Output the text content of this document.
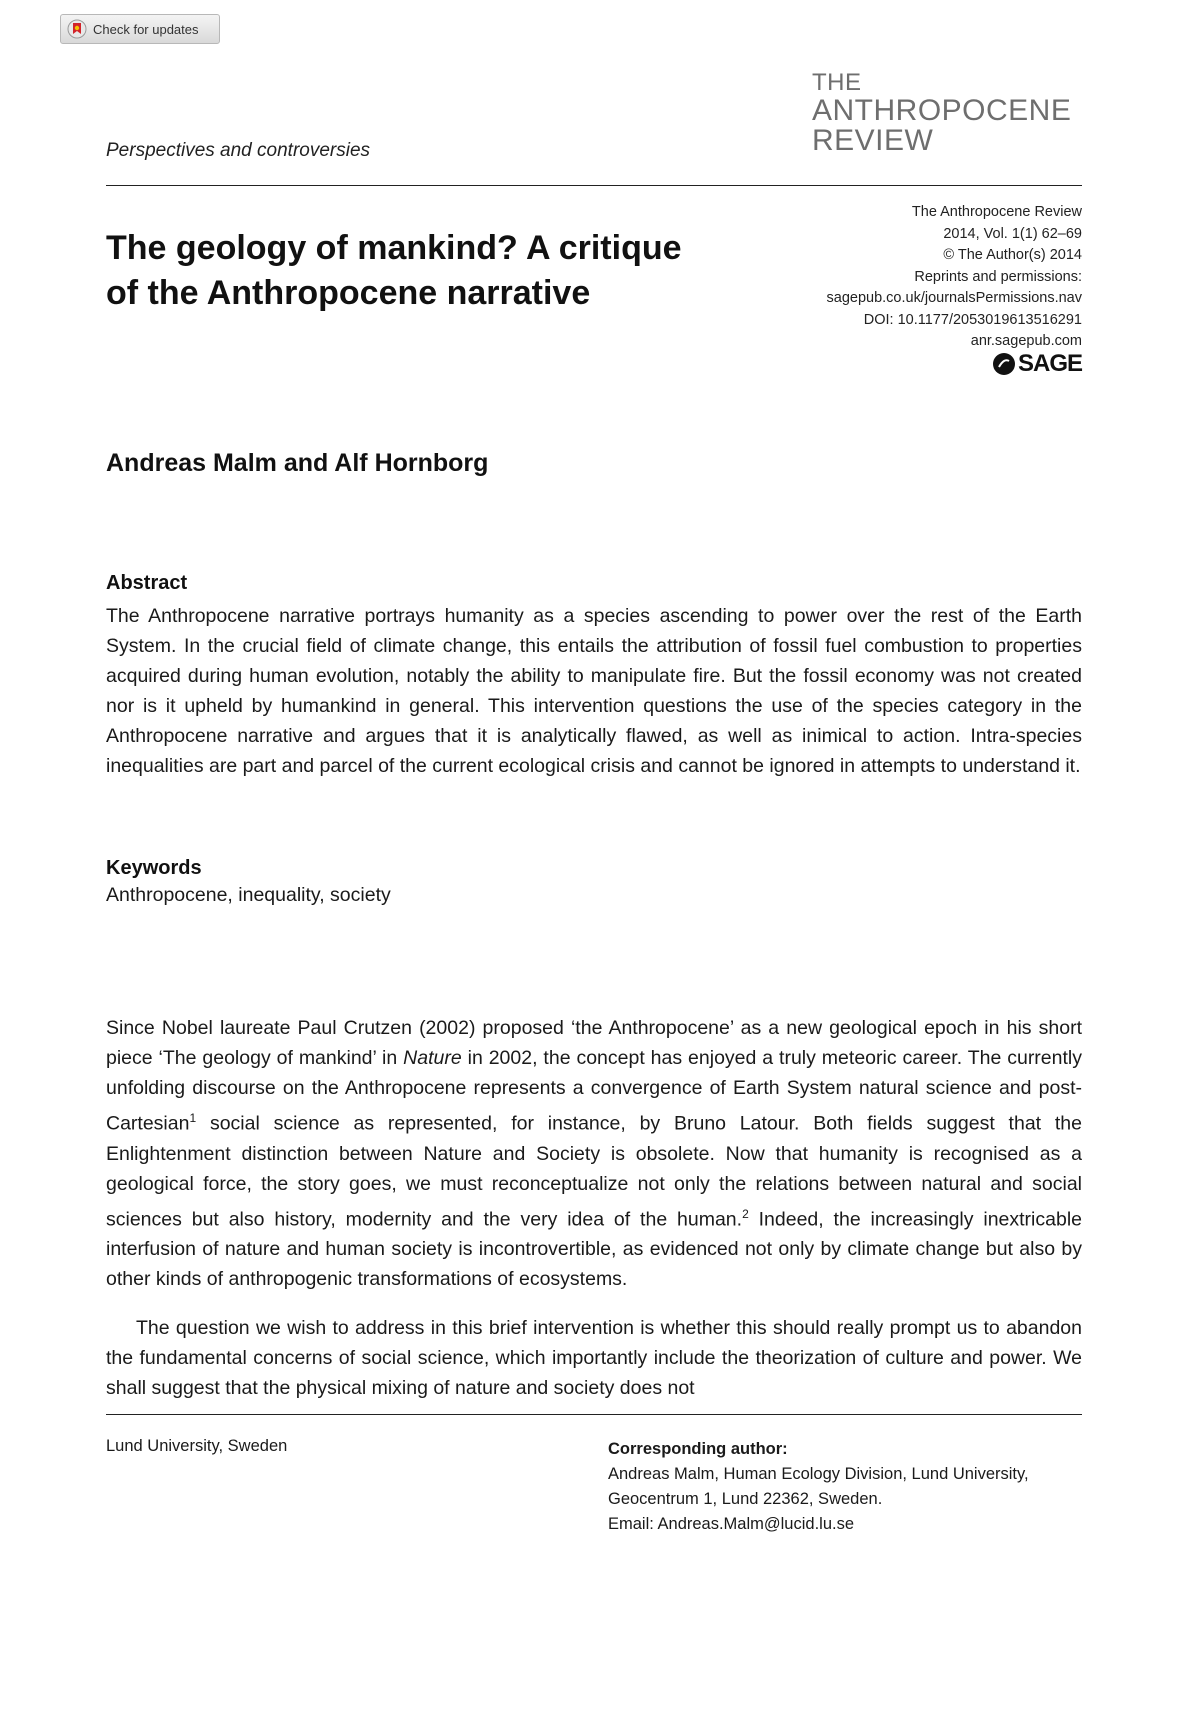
Check for updates
THE
ANTHROPOCENE
REVIEW
Perspectives and controversies
The geology of mankind? A critique of the Anthropocene narrative
The Anthropocene Review
2014, Vol. 1(1) 62–69
© The Author(s) 2014
Reprints and permissions:
sagepub.co.uk/journalsPermissions.nav
DOI: 10.1177/2053019613516291
anr.sagepub.com
SAGE
Andreas Malm and Alf Hornborg
Abstract
The Anthropocene narrative portrays humanity as a species ascending to power over the rest of the Earth System. In the crucial field of climate change, this entails the attribution of fossil fuel combustion to properties acquired during human evolution, notably the ability to manipulate fire. But the fossil economy was not created nor is it upheld by humankind in general. This intervention questions the use of the species category in the Anthropocene narrative and argues that it is analytically flawed, as well as inimical to action. Intra-species inequalities are part and parcel of the current ecological crisis and cannot be ignored in attempts to understand it.
Keywords
Anthropocene, inequality, society
Since Nobel laureate Paul Crutzen (2002) proposed ‘the Anthropocene’ as a new geological epoch in his short piece ‘The geology of mankind’ in Nature in 2002, the concept has enjoyed a truly meteoric career. The currently unfolding discourse on the Anthropocene represents a convergence of Earth System natural science and post-Cartesian$^1$ social science as represented, for instance, by Bruno Latour. Both fields suggest that the Enlightenment distinction between Nature and Society is obsolete. Now that humanity is recognised as a geological force, the story goes, we must reconceptualize not only the relations between natural and social sciences but also history, modernity and the very idea of the human.$^2$ Indeed, the increasingly inextricable interfusion of nature and human society is incontrovertible, as evidenced not only by climate change but also by other kinds of anthropogenic transformations of ecosystems.
The question we wish to address in this brief intervention is whether this should really prompt us to abandon the fundamental concerns of social science, which importantly include the theorization of culture and power. We shall suggest that the physical mixing of nature and society does not
Lund University, Sweden	Corresponding author:
Andreas Malm, Human Ecology Division, Lund University, Geocentrum 1, Lund 22362, Sweden.
Email: Andreas.Malm@lucid.lu.se
